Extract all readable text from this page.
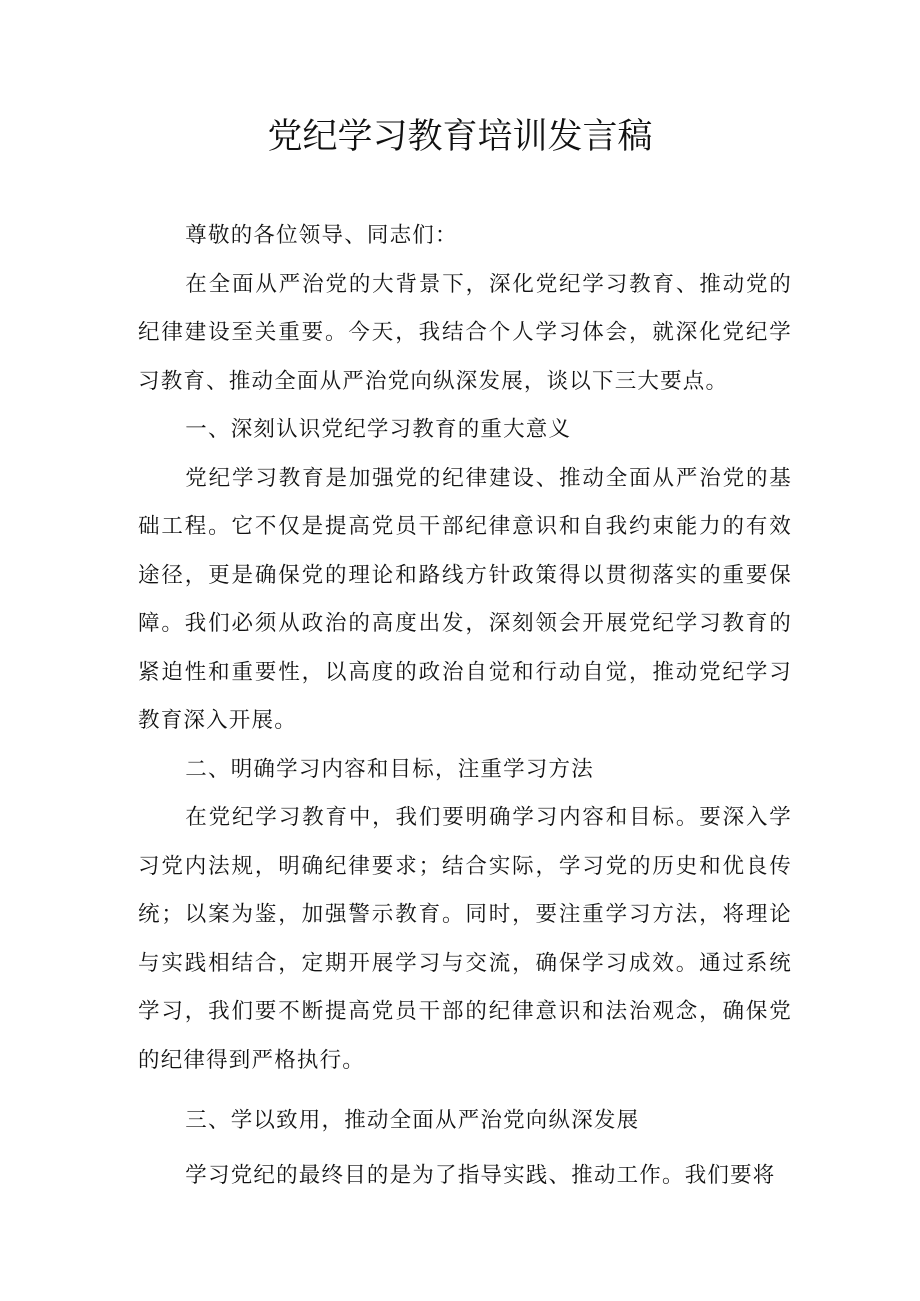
党纪学习教育培训发言稿

尊敬的各位领导、同志们：

在全面从严治党的大背景下，深化党纪学习教育、推动党的纪律建设至关重要。今天，我结合个人学习体会，就深化党纪学习教育、推动全面从严治党向纵深发展，谈以下三大要点。

一、深刻认识党纪学习教育的重大意义

党纪学习教育是加强党的纪律建设、推动全面从严治党的基础工程。它不仅是提高党员干部纪律意识和自我约束能力的有效途径，更是确保党的理论和路线方针政策得以贯彻落实的重要保障。我们必须从政治的高度出发，深刻领会开展党纪学习教育的紧迫性和重要性，以高度的政治自觉和行动自觉，推动党纪学习教育深入开展。

二、明确学习内容和目标，注重学习方法

在党纪学习教育中，我们要明确学习内容和目标。要深入学习党内法规，明确纪律要求；结合实际，学习党的历史和优良传统；以案为鉴，加强警示教育。同时，要注重学习方法，将理论与实践相结合，定期开展学习与交流，确保学习成效。通过系统学习，我们要不断提高党员干部的纪律意识和法治观念，确保党的纪律得到严格执行。

三、学以致用，推动全面从严治党向纵深发展

学习党纪的最终目的是为了指导实践、推动工作。我们要将
